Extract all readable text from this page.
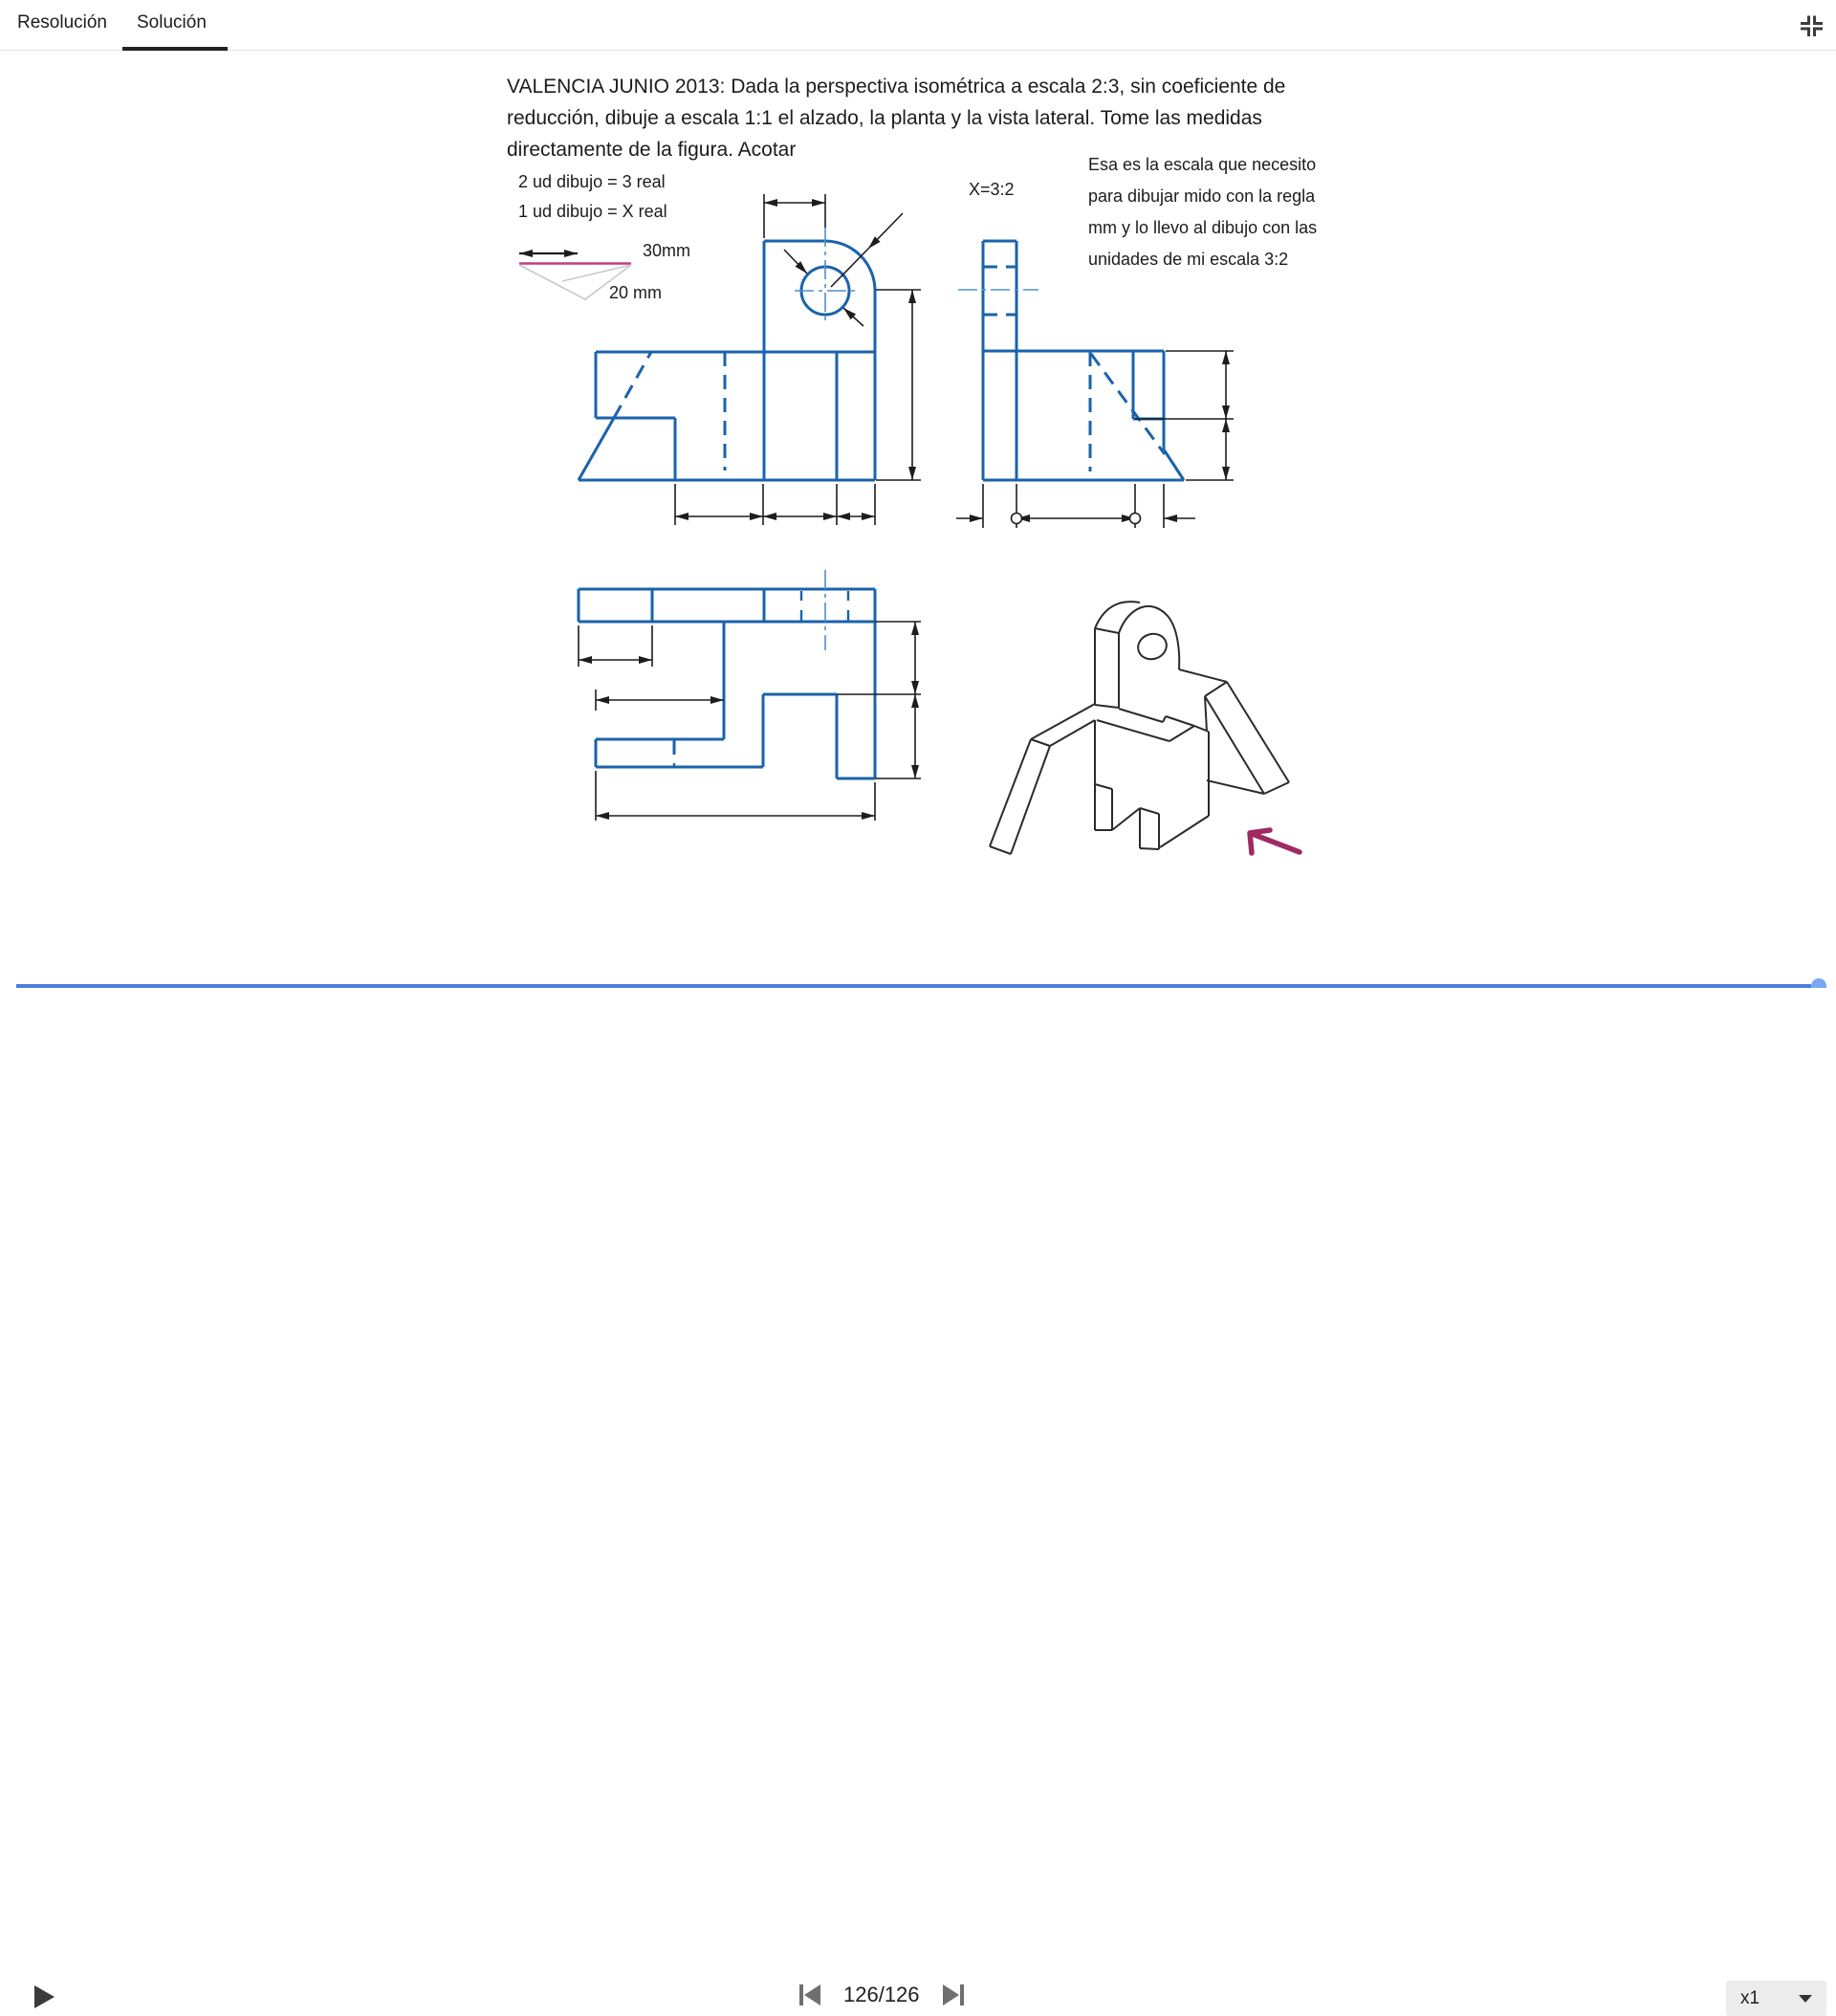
Resolución Solución
VALENCIA JUNIO 2013: Dada la perspectiva isométrica a escala 2:3, sin coeficiente de
reducción, dibuje a escala 1:1 el alzado, la planta y la vista lateral. Tome las medidas
directamente de la figura. Acotar
2 ud dibujo = 3 real
1 ud dibujo = X real
30mm
20 mm
X=3:2
Esa es la escala que necesito
para dibujar mido con la regla
mm y lo llevo al dibujo con las
unidades de mi escala 3:2
126/126	x1
